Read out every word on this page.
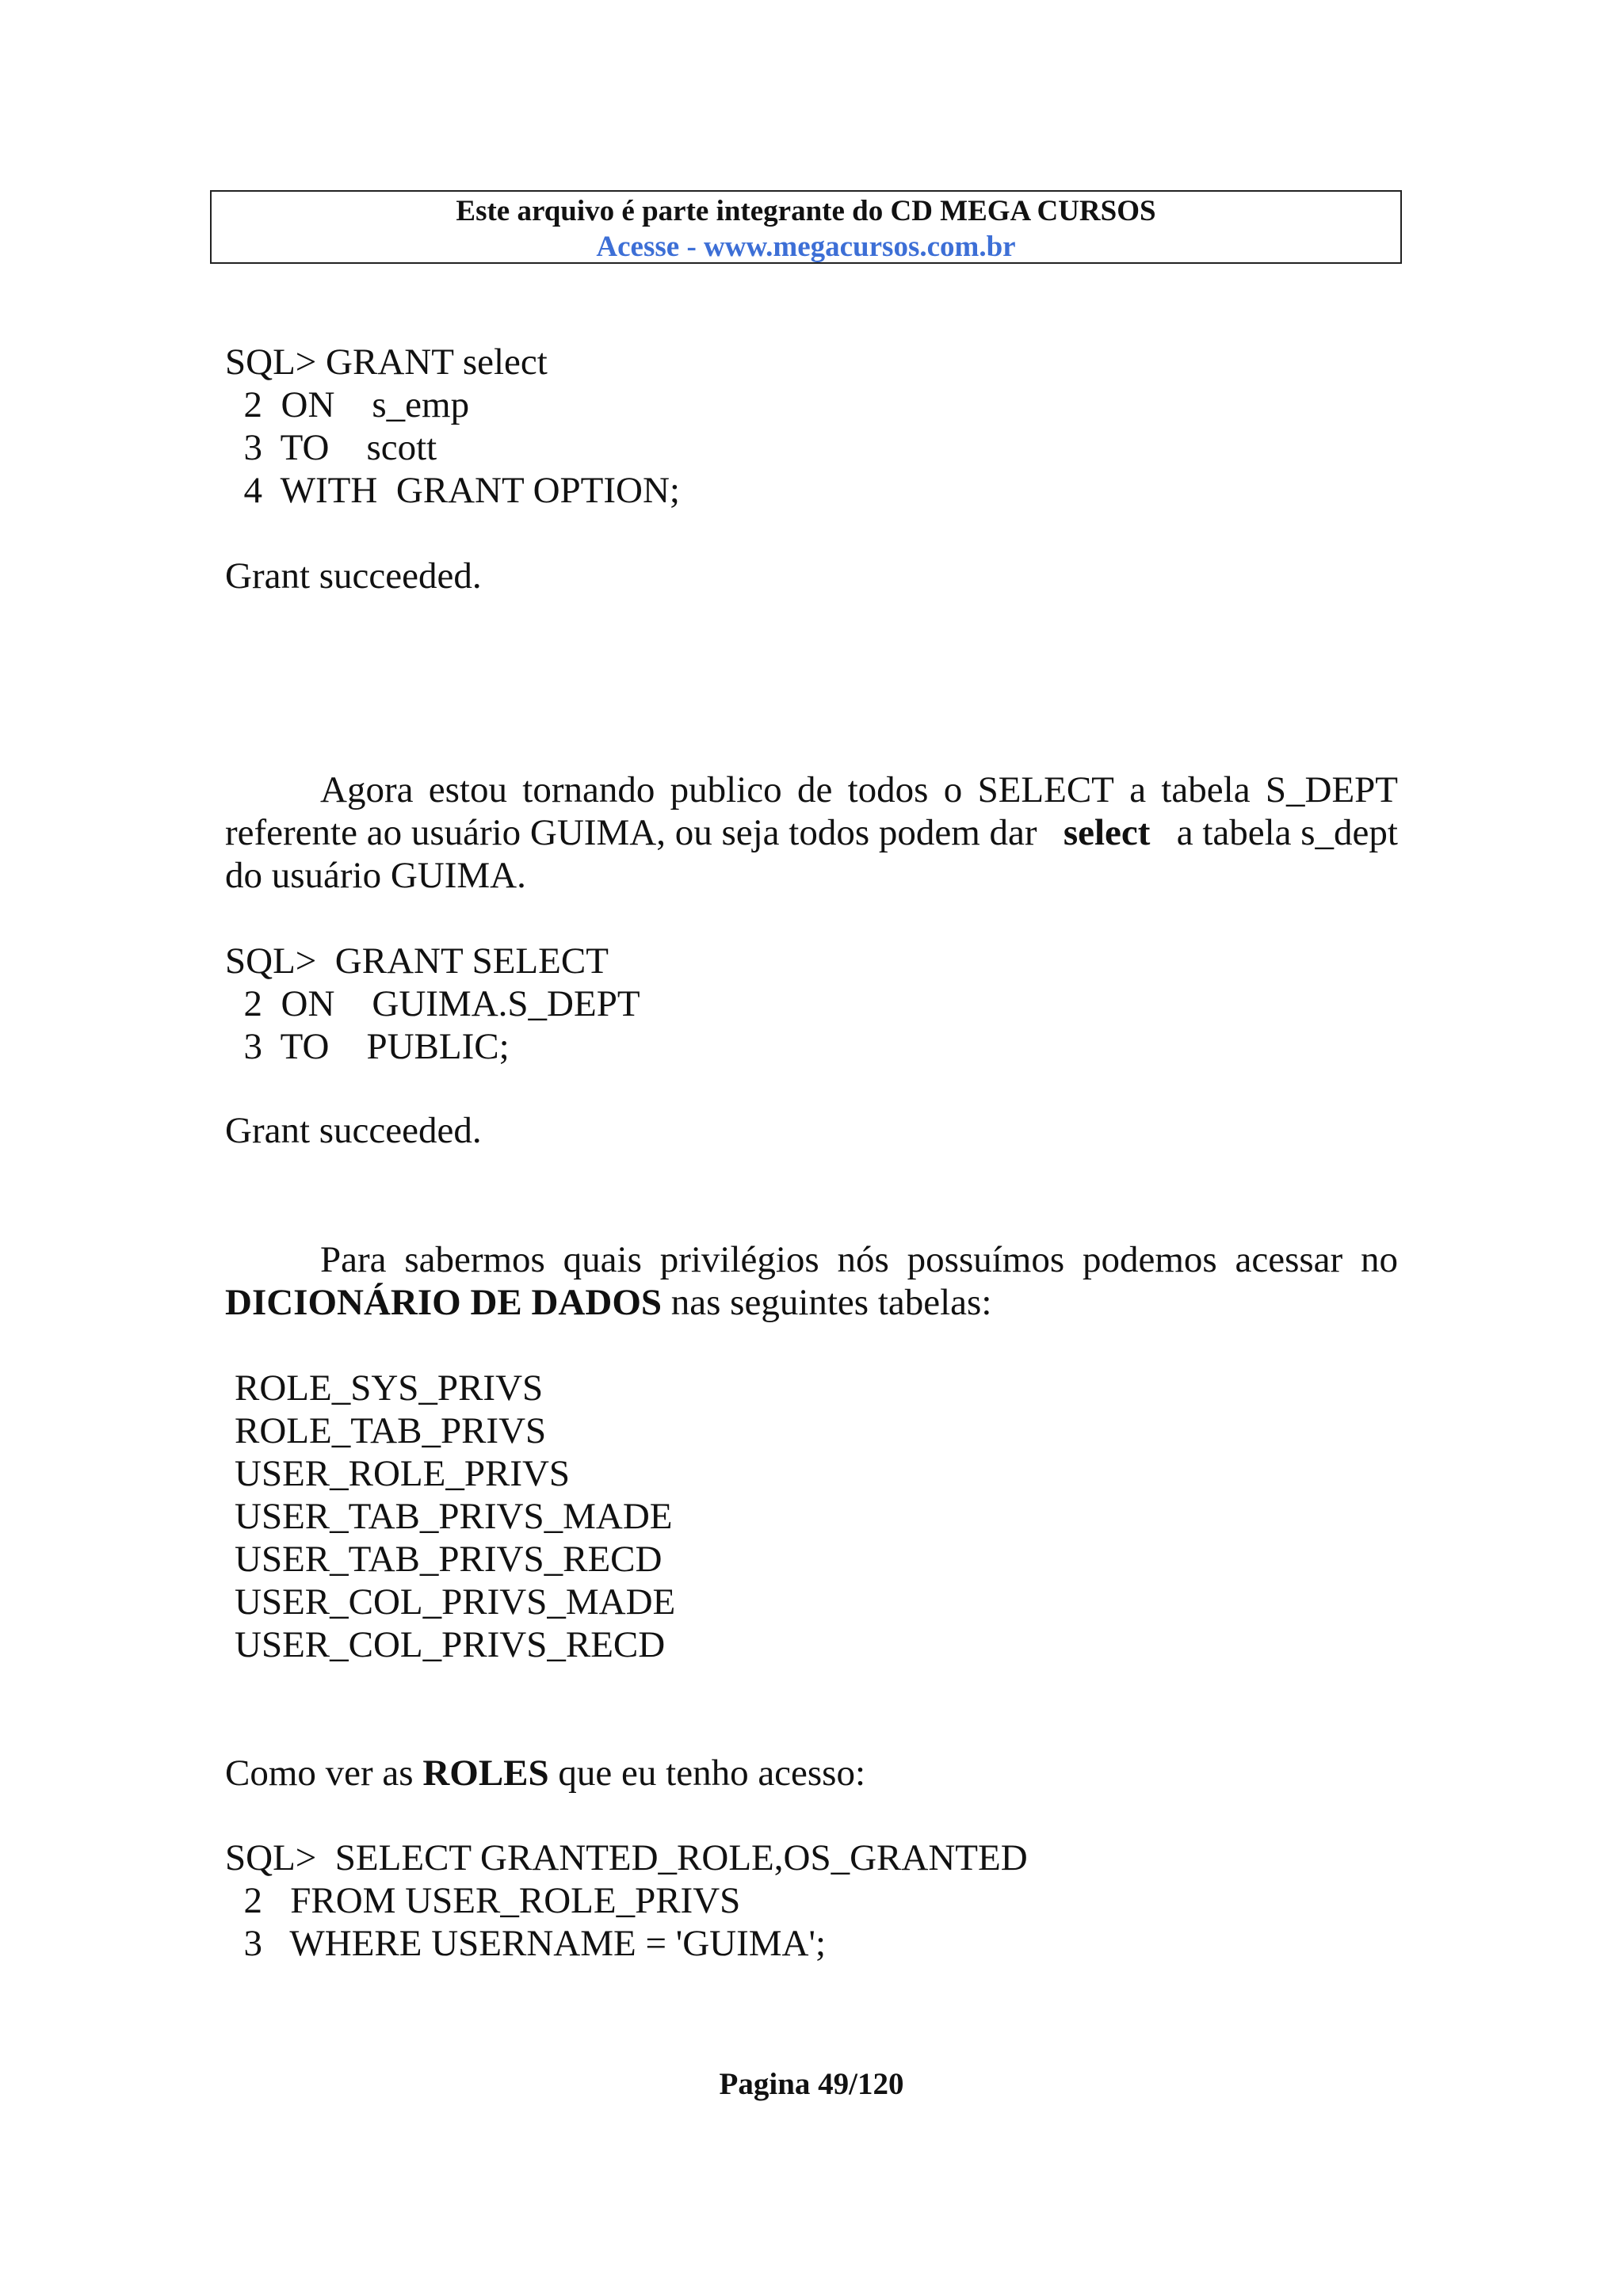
Este arquivo é parte integrante do CD MEGA CURSOS
Acesse - www.megacursos.com.br
SQL> GRANT select
2  ON    s_emp
3  TO    scott
4  WITH  GRANT OPTION;
Grant succeeded.
Agora estou tornando publico de todos o SELECT a tabela S_DEPT
referente ao usuário GUIMA, ou seja todos podem dar select a tabela s_dept
do usuário GUIMA.
SQL>  GRANT SELECT
2  ON    GUIMA.S_DEPT
3  TO    PUBLIC;
Grant succeeded.
Para sabermos quais privilégios nós possuímos podemos acessar no
DICIONÁRIO DE DADOS nas seguintes tabelas:
ROLE_SYS_PRIVS
ROLE_TAB_PRIVS
USER_ROLE_PRIVS
USER_TAB_PRIVS_MADE
USER_TAB_PRIVS_RECD
USER_COL_PRIVS_MADE
USER_COL_PRIVS_RECD
Como ver as ROLES que eu tenho acesso:
SQL>  SELECT GRANTED_ROLE,OS_GRANTED
2   FROM USER_ROLE_PRIVS
3   WHERE USERNAME = 'GUIMA';
Pagina 49/120
